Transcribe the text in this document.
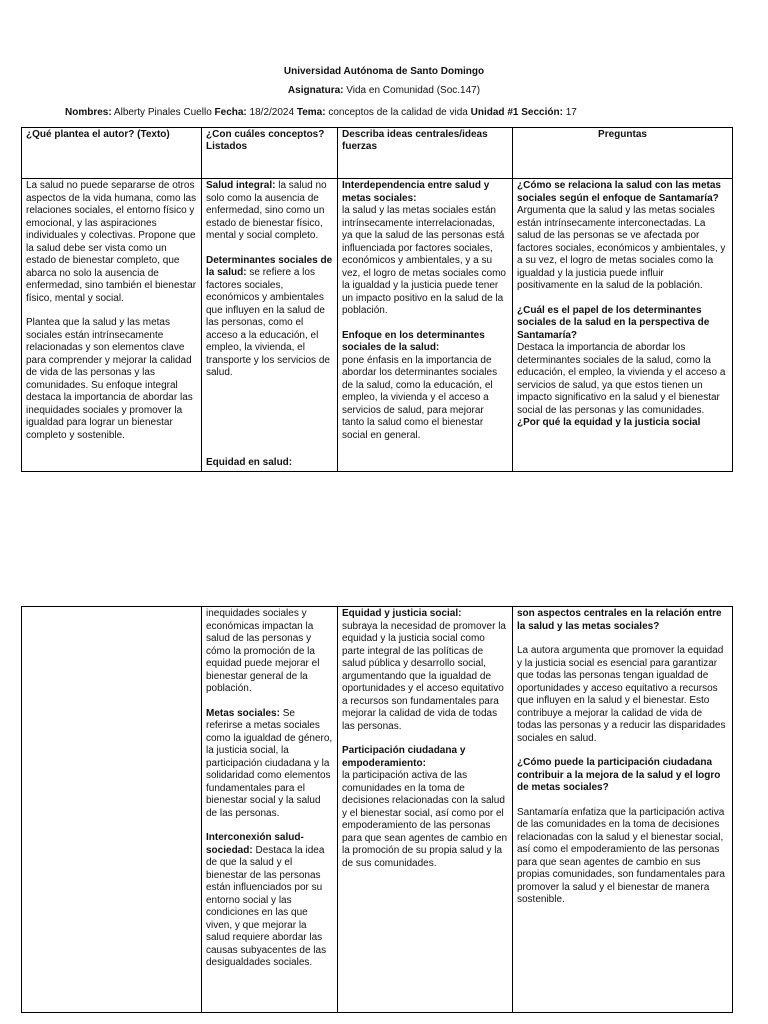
Universidad Autónoma de Santo Domingo
Asignatura: Vida en Comunidad (Soc.147)
Nombres: Alberty Pinales Cuello Fecha: 18/2/2024 Tema: conceptos de la calidad de vida Unidad #1 Sección: 17
¿Qué plantea el autor? (Texto)	¿Con cuáles conceptos? Listados
Describa ideas centrales/ideas fuerzas
Preguntas

La salud no puede separarse de otros aspectos de la vida humana, como las relaciones sociales, el entorno físico y emocional, y las aspiraciones individuales y colectivas. Propone que la salud debe ser vista como un estado de bienestar completo, que abarca no solo la ausencia de enfermedad, sino también el bienestar físico, mental y social.

Plantea que la salud y las metas sociales están intrínsecamente relacionadas y son elementos clave para comprender y mejorar la calidad de vida de las personas y las comunidades. Su enfoque integral destaca la importancia de abordar las inequidades sociales y promover la igualdad para lograr un bienestar completo y sostenible.

Salud integral: la salud no solo como la ausencia de enfermedad, sino como un estado de bienestar físico, mental y social completo.

Determinantes sociales de la salud: se refiere a los factores sociales, económicos y ambientales que influyen en la salud de las personas, como el acceso a la educación, el empleo, la vivienda, el transporte y los servicios de salud.

Equidad en salud:

Interdependencia entre salud y metas sociales:
la salud y las metas sociales están intrínsecamente interrelacionadas, ya que la salud de las personas está influenciada por factores sociales, económicos y ambientales, y a su vez, el logro de metas sociales como la igualdad y la justicia puede tener un impacto positivo en la salud de la población.

Enfoque en los determinantes sociales de la salud:
pone énfasis en la importancia de abordar los determinantes sociales de la salud, como la educación, el empleo, la vivienda y el acceso a servicios de salud, para mejorar tanto la salud como el bienestar social en general.

¿Cómo se relaciona la salud con las metas sociales según el enfoque de Santamaría?
Argumenta que la salud y las metas sociales están intrínsecamente interconectadas. La salud de las personas se ve afectada por factores sociales, económicos y ambientales, y a su vez, el logro de metas sociales como la igualdad y la justicia puede influir positivamente en la salud de la población.

¿Cuál es el papel de los determinantes sociales de la salud en la perspectiva de Santamaría?
Destaca la importancia de abordar los determinantes sociales de la salud, como la educación, el empleo, la vivienda y el acceso a servicios de salud, ya que estos tienen un impacto significativo en la salud y el bienestar social de las personas y las comunidades.

¿Por qué la equidad y la justicia social

inequidades sociales y económicas impactan la salud de las personas y cómo la promoción de la equidad puede mejorar el bienestar general de la población.

Metas sociales: Se referirse a metas sociales como la igualdad de género, la justicia social, la participación ciudadana y la solidaridad como elementos fundamentales para el bienestar social y la salud de las personas.

Interconexión salud-sociedad: Destaca la idea de que la salud y el bienestar de las personas están influenciados por su entorno social y las condiciones en las que viven, y que mejorar la salud requiere abordar las causas subyacentes de las desigualdades sociales.

Equidad y justicia social:
subraya la necesidad de promover la equidad y la justicia social como parte integral de las políticas de salud pública y desarrollo social, argumentando que la igualdad de oportunidades y el acceso equitativo a recursos son fundamentales para mejorar la calidad de vida de todas las personas.

Participación ciudadana y empoderamiento:
la participación activa de las comunidades en la toma de decisiones relacionadas con la salud y el bienestar social, así como por el empoderamiento de las personas para que sean agentes de cambio en la promoción de su propia salud y la de sus comunidades.

son aspectos centrales en la relación entre la salud y las metas sociales?

La autora argumenta que promover la equidad y la justicia social es esencial para garantizar que todas las personas tengan igualdad de oportunidades y acceso equitativo a recursos que influyen en la salud y el bienestar. Esto contribuye a mejorar la calidad de vida de todas las personas y a reducir las disparidades sociales en salud.

¿Cómo puede la participación ciudadana contribuir a la mejora de la salud y el logro de metas sociales?

Santamaría enfatiza que la participación activa de las comunidades en la toma de decisiones relacionadas con la salud y el bienestar social, así como el empoderamiento de las personas para que sean agentes de cambio en sus propias comunidades, son fundamentales para promover la salud y el bienestar de manera sostenible.
